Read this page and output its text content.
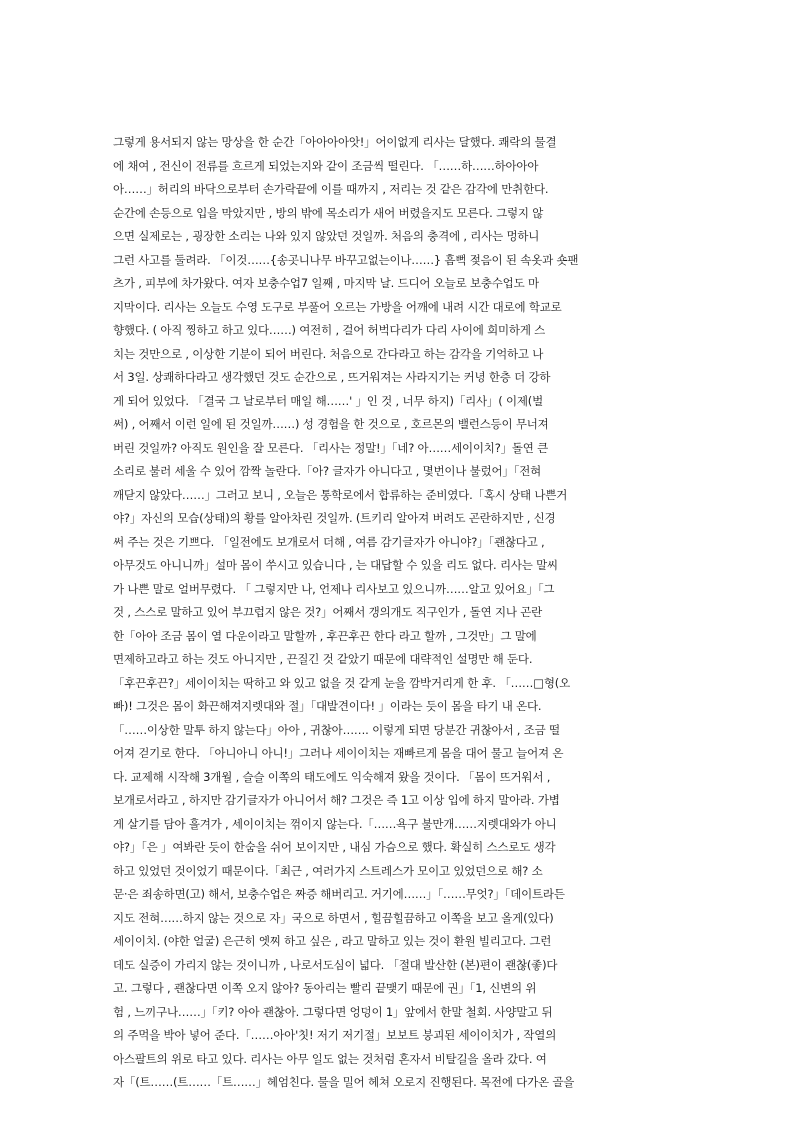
그렇게 용서되지 않는 망상을 한 순간「아아아아앗!」어이없게 리사는 달했다. 쾌락의 물결
에 채여 , 전신이 전류를 흐르게 되었는지와 같이 조금씩 떨린다. 「……하……하아아아
아……」허리의 바닥으로부터 손가락끝에 이를 때까지 , 저리는 것 같은 감각에 만취한다.
순간에 손등으로 입을 막았지만 , 방의 밖에 목소리가 새어 버렸을지도 모른다. 그렇지 않
으면 실제로는 , 굉장한 소리는 나와 있지 않았던 것일까. 처음의 충격에 , 리사는 멍하니
그런 사고를 둘려라. 「이것……{송곳니나무 바꾸고없는이나……} 흠뻑 젖음이 된 속옷과 숏팬
츠가 , 피부에 차가왔다. 여자 보충수업7 일째 , 마지막 날. 드디어 오늘로 보충수업도 마
지막이다. 리사는 오늘도 수영 도구로 부풀어 오르는 가방을 어깨에 내려 시간 대로에 학교로
향했다. ( 아직 찡하고 하고 있다……) 여전히 , 걸어 허벅다리가 다리 사이에 희미하게 스
치는 것만으로 , 이상한 기분이 되어 버린다. 처음으로 간다라고 하는 감각을 기억하고 나
서 3일. 상쾌하다라고 생각했던 것도 순간으로 , 뜨거워져는 사라지기는 커녕 한층 더 강하
게 되어 있었다. 「결국 그 날로부터 매일 해……' 」인 것 , 너무 하지)「리사」( 이제(벌
써) , 어째서 이런 일에 된 것일까……) 성 경험을 한 것으로 , 호르몬의 밸런스등이 무너져
버린 것일까? 아직도 원인을 잘 모른다. 「리사는 정말!」「네? 아……세이이치?」돌연 큰
소리로 불러 세울 수 있어 깜짝 놀란다.「아? 글자가 아니다고 , 몇번이나 불렀어」「전혀
깨닫지 않았다……」그러고 보니 , 오늘은 통학로에서 합류하는 준비였다.「혹시 상태 나쁜거
야?」자신의 모습(상태)의 황를 알아차린 것일까. (트키리 알아져 버려도 곤란하지만 , 신경
써 주는 것은 기쁘다. 「일전에도 보개로서 더해 , 여름 감기글자가 아니야?」「괜찮다고 ,
아무것도 아니니까」설마 몸이 쑤시고 있습니다 , 는 대답할 수 있을 리도 없다. 리사는 말씨
가 나쁜 말로 얼버무렸다. 「 그렇지만 나, 언제나 리사보고 있으니까……알고 있어요」「그
것 , 스스로 말하고 있어 부끄럽지 않은 것?」어째서 갱의개도 직구인가 , 돌연 지나 곤란
한「아아 조금 몸이 열 다운이라고 말할까 , 후끈후끈 한다 라고 할까 , 그것만」그 말에
면제하고라고 하는 것도 아니지만 , 끈질긴 것 같았기 때문에 대략적인 설명만 해 둔다.
「후끈후끈?」세이이치는 딱하고 와 있고 없을 것 같게 눈을 깜박거리게 한 후. 「……□형(오
빠)! 그것은 몸이 화끈해져지렛대와 절」「대발견이다! 」이라는 듯이 몸을 타기 내 온다.
「……이상한 말투 하지 않는다」아아 , 귀찮아……. 이렇게 되면 당분간 귀찮아서 , 조금 떨
어져 걷기로 한다. 「아니아니 아니!」그러나 세이이치는 재빠르게 몸을 대어 물고 늘어져 온
다. 교제해 시작해 3개월 , 슬슬 이쪽의 태도에도 익숙해져 왔을 것이다. 「몸이 뜨거워서 ,
보개로서라고 , 하지만 감기글자가 아니어서 해? 그것은 즉 1고 이상 입에 하지 말아라. 가볍
게 살기를 담아 흘겨가 , 세이이치는 꺾이지 않는다.「……욕구 불만개……지렛대와가 아니
야?」「은 」여봐란 듯이 한숨을 쉬어 보이지만 , 내심 가슴으로 했다. 확실히 스스로도 생각
하고 있었던 것이었기 때문이다.「최근 , 여러가지 스트레스가 모이고 있었던으로 해? 소
문·은 죄송하면(고) 해서, 보충수업은 짜증 해버리고. 거기에……」「……무엇?」「데이트라든
지도 전혀……하지 않는 것으로 자」국으로 하면서 , 힐끔힐끔하고 이쪽을 보고 올게(있다)
세이이치. (야한 얼굴) 은근히 엣찌 하고 싶은 , 라고 말하고 있는 것이 환원 빌리고다. 그런
데도 실증이 가리지 않는 것이니까 , 나로서도심이 넓다. 「절대 발산한 (본)편이 괜찮(좋)다
고. 그렇다 , 괜찮다면 이쪽 오지 않아? 동아리는 빨리 끝맺기 때문에 권」「1, 신변의 위
험 , 느끼구나……」「키? 아아 괜찮아. 그렇다면 엉덩이 1」앞에서 한말 철회. 사양말고 뒤
의 주먹을 박아 넣어 준다.「……아아'칫! 저기 저기절」보보트 붕괴된 세이이치가 , 작열의
아스팔트의 위로 타고 있다. 리사는 아무 일도 없는 것처럼 혼자서 비탈길을 올라 갔다. 여
자「(트……(트……「트……」헤엄친다. 물을 밀어 헤쳐 오로지 진행된다. 목전에 다가온 골을
